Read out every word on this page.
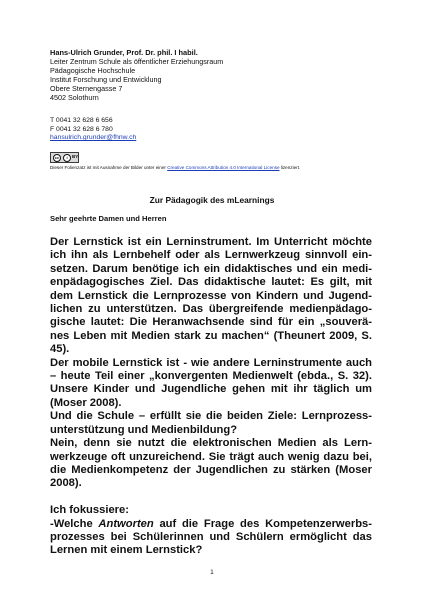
Hans-Ulrich Grunder, Prof. Dr. phil. I habil.
Leiter Zentrum Schule als öffentlicher Erziehungsraum
Pädagogische Hochschule
Institut Forschung und Entwicklung
Obere Sternengasse 7
4502 Solothurn
T 0041 32 628 6 656
F 0041 32 628 6 780
hansulrich.grunder@fhnw.ch
cc	i BY
Dieser Folienzatz ist mit Ausnahme der Bilder unter einer Creative Commons Attribution 4.0 International License lizenziert.
Zur Pädagogik des mLearnings
Sehr geehrte Damen und Herren
Der Lernstick ist ein Lerninstrument. Im Unterricht möchte
ich ihn als Lernbehelf oder als Lernwerkzeug sinnvoll ein-
setzen. Darum benötige ich ein didaktisches und ein medi-
enpädagogisches Ziel. Das didaktische lautet: Es gilt, mit
dem Lernstick die Lernprozesse von Kindern und Jugend-
lichen zu unterstützen. Das übergreifende medienpädago-
gische lautet: Die Heranwachsende sind für ein „souverä-
nes Leben mit Medien stark zu machen“ (Theunert 2009, S.
45).
Der mobile Lernstick ist - wie andere Lerninstrumente auch
– heute Teil einer „konvergenten Medienwelt (ebda., S. 32).
Unsere Kinder und Jugendliche gehen mit ihr täglich um
(Moser 2008).
Und die Schule – erfüllt sie die beiden Ziele: Lernprozess-
unterstützung und Medienbildung?
Nein, denn sie nutzt die elektronischen Medien als Lern-
werkzeuge oft unzureichend. Sie trägt auch wenig dazu bei,
die Medienkompetenz der Jugendlichen zu stärken (Moser
2008).
Ich fokussiere:
-Welche Antworten auf die Frage des Kompetenzerwerbs-
prozesses bei Schülerinnen und Schülern ermöglicht das
Lernen mit einem Lernstick?
1
